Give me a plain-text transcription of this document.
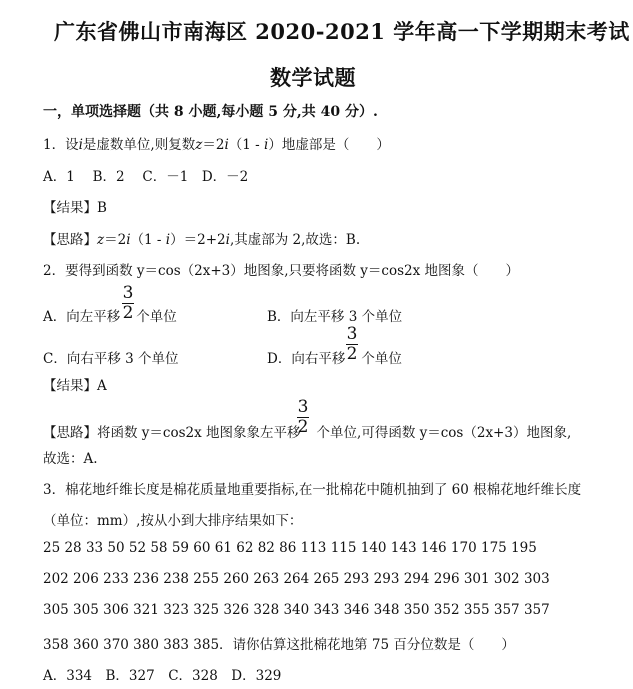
广东省佛山市南海区 2020-2021 学年高一下学期期末考试
数学试题
一，单项选择题（共 8 小题,每小题 5 分,共 40 分）.
1．设i是虚数单位,则复数z＝2i（1 - i）地虚部是（　　）
A．1　 B．2　 C．－1　D．－2
【结果】B
【思路】z＝2i（1 - i）＝2+2i,其虚部为 2,故选：B.
2．要得到函数 y＝cos（2x+3）地图象,只要将函数 y＝cos2x 地图象（　　）
A．向左平移 个单位
3
2	B．向左平移 3 个单位
C．向右平移 3 个单位	D．向右平移 个单位
3
2
【结果】A
【思路】将函数 y＝cos2x 地图象象左平移 个单位,可得函数 y＝cos（2x+3）地图象,
3
2
故选：A.
3．棉花地纤维长度是棉花质量地重要指标,在一批棉花中随机抽到了 60 根棉花地纤维长度
（单位：mm）,按从小到大排序结果如下：
25 28 33 50 52 58 59 60 61 62 82 86 113 115 140 143 146 170 175 195
202 206 233 236 238 255 260 263 264 265 293 293 294 296 301 302 303
305 305 306 321 323 325 326 328 340 343 346 348 350 352 355 357 357
358 360 370 380 383 385．请你估算这批棉花地第 75 百分位数是（　　）
A．334　B．327　C．328　D．329
